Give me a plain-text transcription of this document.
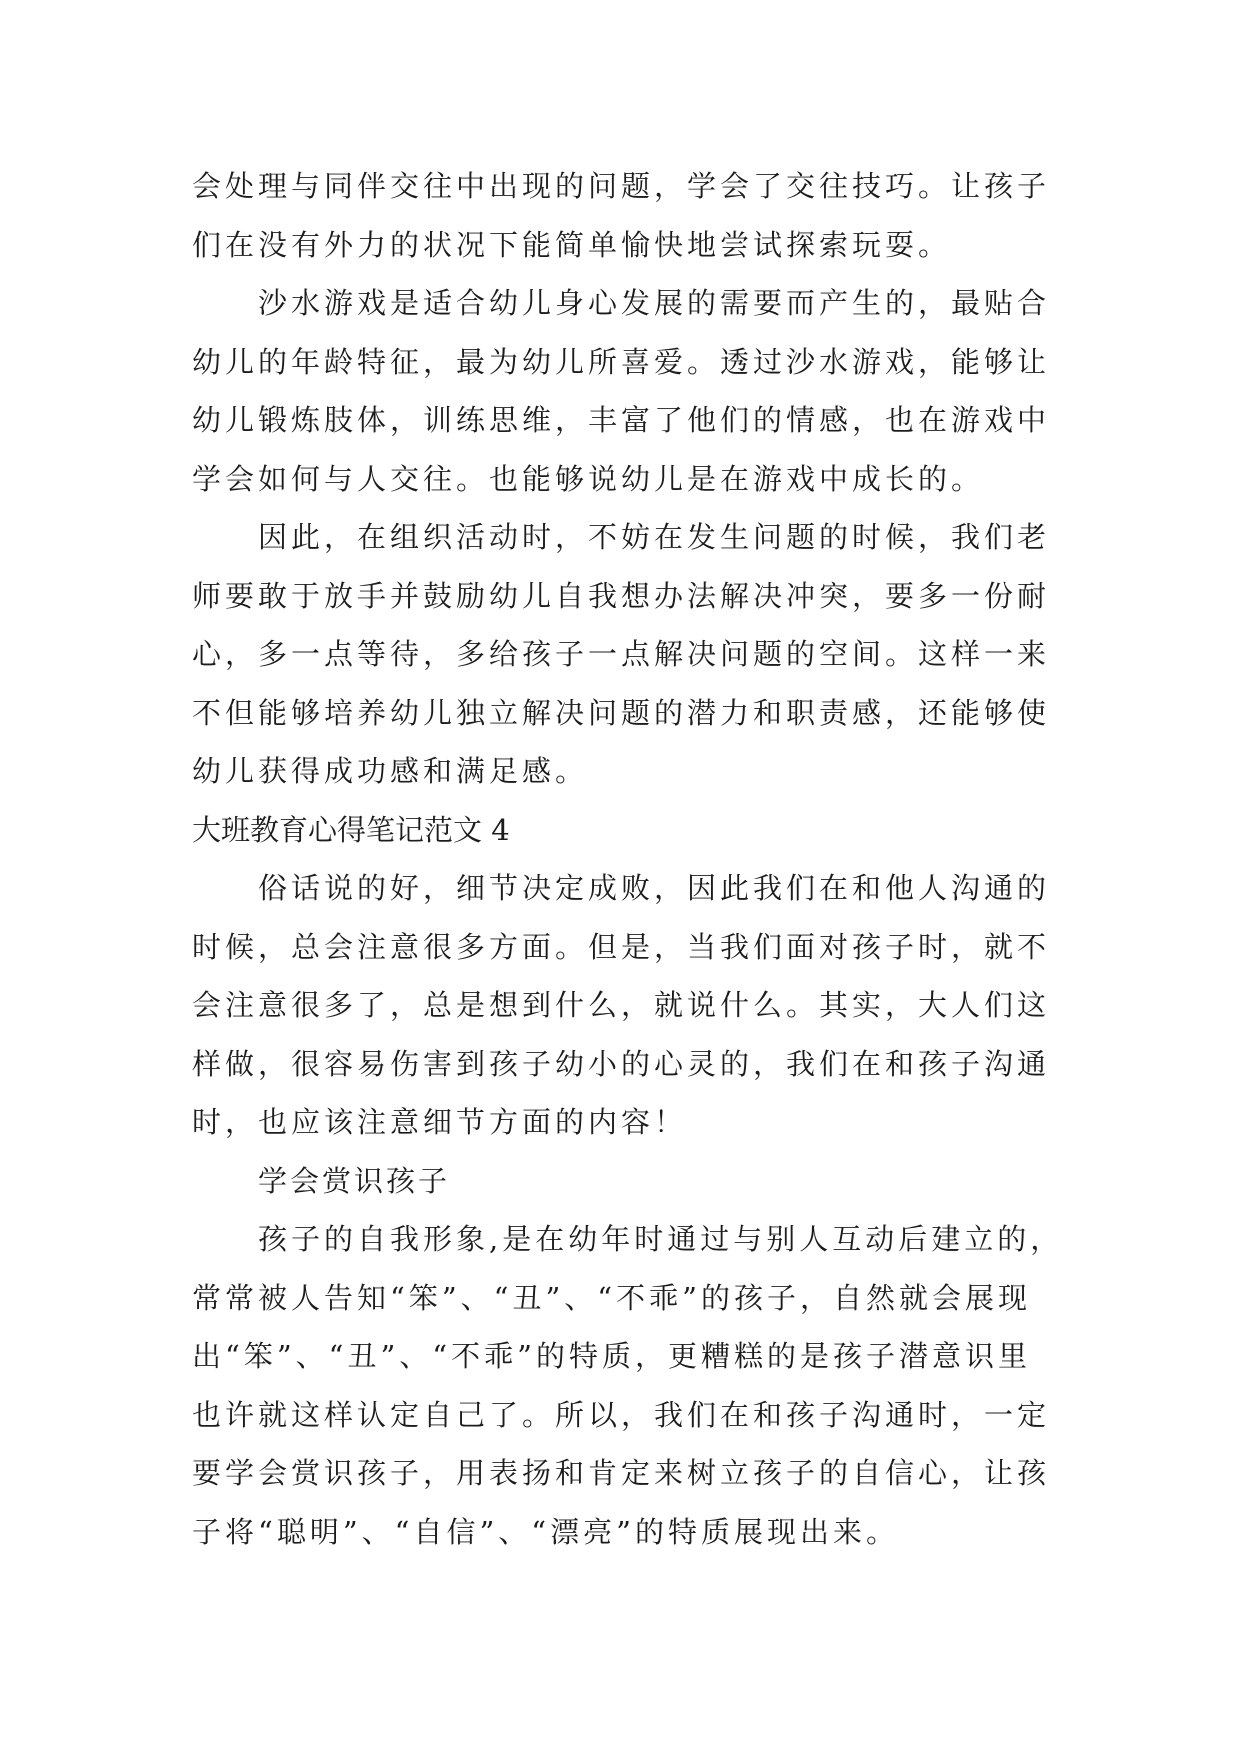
会处理与同伴交往中出现的问题，学会了交往技巧。让孩子
们在没有外力的状况下能简单愉快地尝试探索玩耍。
沙水游戏是适合幼儿身心发展的需要而产生的，最贴合
幼儿的年龄特征，最为幼儿所喜爱。透过沙水游戏，能够让
幼儿锻炼肢体，训练思维，丰富了他们的情感，也在游戏中
学会如何与人交往。也能够说幼儿是在游戏中成长的。
因此，在组织活动时，不妨在发生问题的时候，我们老
师要敢于放手并鼓励幼儿自我想办法解决冲突，要多一份耐
心，多一点等待，多给孩子一点解决问题的空间。这样一来
不但能够培养幼儿独立解决问题的潜力和职责感，还能够使
幼儿获得成功感和满足感。
大班教育心得笔记范文 4
俗话说的好，细节决定成败，因此我们在和他人沟通的
时候，总会注意很多方面。但是，当我们面对孩子时，就不
会注意很多了，总是想到什么，就说什么。其实，大人们这
样做，很容易伤害到孩子幼小的心灵的，我们在和孩子沟通
时，也应该注意细节方面的内容！
学会赏识孩子
孩子的自我形象,是在幼年时通过与别人互动后建立的，
常常被人告知“笨”、“丑”、“不乖”的孩子，自然就会展现
出“笨”、“丑”、“不乖”的特质，更糟糕的是孩子潜意识里
也许就这样认定自己了。所以，我们在和孩子沟通时，一定
要学会赏识孩子，用表扬和肯定来树立孩子的自信心，让孩
子将“聪明”、“自信”、“漂亮”的特质展现出来。
